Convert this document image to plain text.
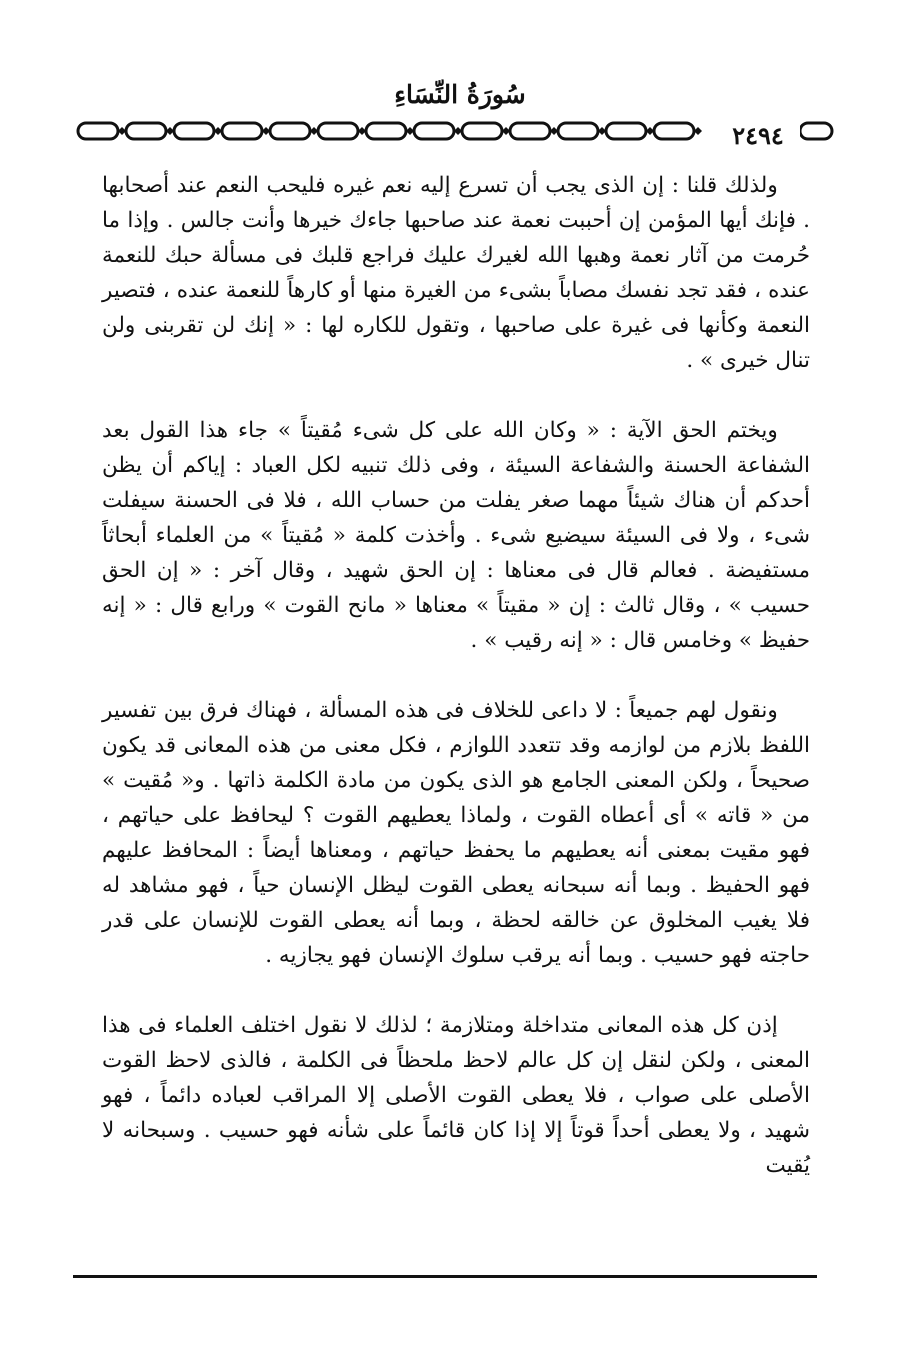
سُورَةُ النِّسَاءِ
٢٤٩٤

ولذلك قلنا : إن الذى يجب أن تسرع إليه نعم غيره فليحب النعم عند أصحابها . فإنك أيها المؤمن إن أحببت نعمة عند صاحبها جاءك خيرها وأنت جالس . وإذا ما حُرمت من آثار نعمة وهبها الله لغيرك عليك فراجع قلبك فى مسألة حبك للنعمة عنده ، فقد تجد نفسك مصاباً بشىء من الغيرة منها أو كارهاً للنعمة عنده ، فتصير النعمة وكأنها فى غيرة على صاحبها ، وتقول للكاره لها : « إنك لن تقربنى ولن تنال خيرى » .

ويختم الحق الآية : « وكان الله على كل شىء مُقيتاً » جاء هذا القول بعد الشفاعة الحسنة والشفاعة السيئة ، وفى ذلك تنبيه لكل العباد : إياكم أن يظن أحدكم أن هناك شيئاً مهما صغر يفلت من حساب الله ، فلا فى الحسنة سيفلت شىء ، ولا فى السيئة سيضيع شىء . وأخذت كلمة « مُقيتاً » من العلماء أبحاثاً مستفيضة . فعالم قال فى معناها : إن الحق شهيد ، وقال آخر : « إن الحق حسيب » ، وقال ثالث : إن « مقيتاً » معناها « مانح القوت » ورابع قال : « إنه حفيظ » وخامس قال : « إنه رقيب » .

ونقول لهم جميعاً : لا داعى للخلاف فى هذه المسألة ، فهناك فرق بين تفسير اللفظ بلازم من لوازمه وقد تتعدد اللوازم ، فكل معنى من هذه المعانى قد يكون صحيحاً ، ولكن المعنى الجامع هو الذى يكون من مادة الكلمة ذاتها . و« مُقيت » من « قاته » أى أعطاه القوت ، ولماذا يعطيهم القوت ؟ ليحافظ على حياتهم ، فهو مقيت بمعنى أنه يعطيهم ما يحفظ حياتهم ، ومعناها أيضاً : المحافظ عليهم فهو الحفيظ . وبما أنه سبحانه يعطى القوت ليظل الإنسان حياً ، فهو مشاهد له فلا يغيب المخلوق عن خالقه لحظة ، وبما أنه يعطى القوت للإنسان على قدر حاجته فهو حسيب . وبما أنه يرقب سلوك الإنسان فهو يجازيه .

إذن كل هذه المعانى متداخلة ومتلازمة ؛ لذلك لا نقول اختلف العلماء فى هذا المعنى ، ولكن لنقل إن كل عالم لاحظ ملحظاً فى الكلمة ، فالذى لاحظ القوت الأصلى على صواب ، فلا يعطى القوت الأصلى إلا المراقب لعباده دائماً ، فهو شهيد ، ولا يعطى أحداً قوتاً إلا إذا كان قائماً على شأنه فهو حسيب . وسبحانه لا يُقيت
